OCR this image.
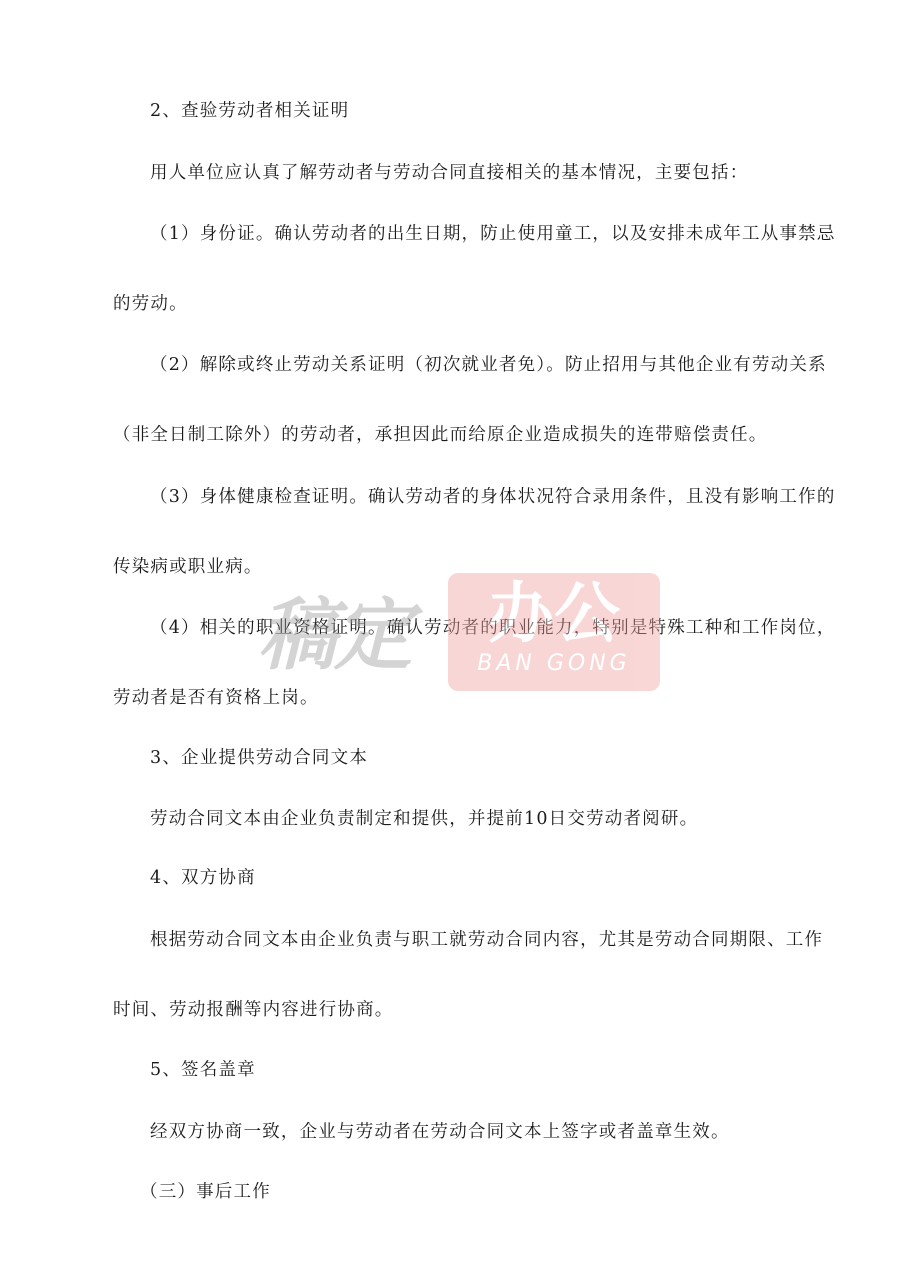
2、查验劳动者相关证明
用人单位应认真了解劳动者与劳动合同直接相关的基本情况，主要包括：
（1）身份证。确认劳动者的出生日期，防止使用童工，以及安排未成年工从事禁忌
的劳动。
（2）解除或终止劳动关系证明（初次就业者免）。防止招用与其他企业有劳动关系
（非全日制工除外）的劳动者，承担因此而给原企业造成损失的连带赔偿责任。
（3）身体健康检查证明。确认劳动者的身体状况符合录用条件，且没有影响工作的
传染病或职业病。
（4）相关的职业资格证明。确认劳动者的职业能力，特别是特殊工种和工作岗位，
劳动者是否有资格上岗。
3、企业提供劳动合同文本
劳动合同文本由企业负责制定和提供，并提前10日交劳动者阅研。
4、双方协商
根据劳动合同文本由企业负责与职工就劳动合同内容，尤其是劳动合同期限、工作
时间、劳动报酬等内容进行协商。
5、签名盖章
经双方协商一致，企业与劳动者在劳动合同文本上签字或者盖章生效。
（三）事后工作
稿定	办公
BAN GONG
